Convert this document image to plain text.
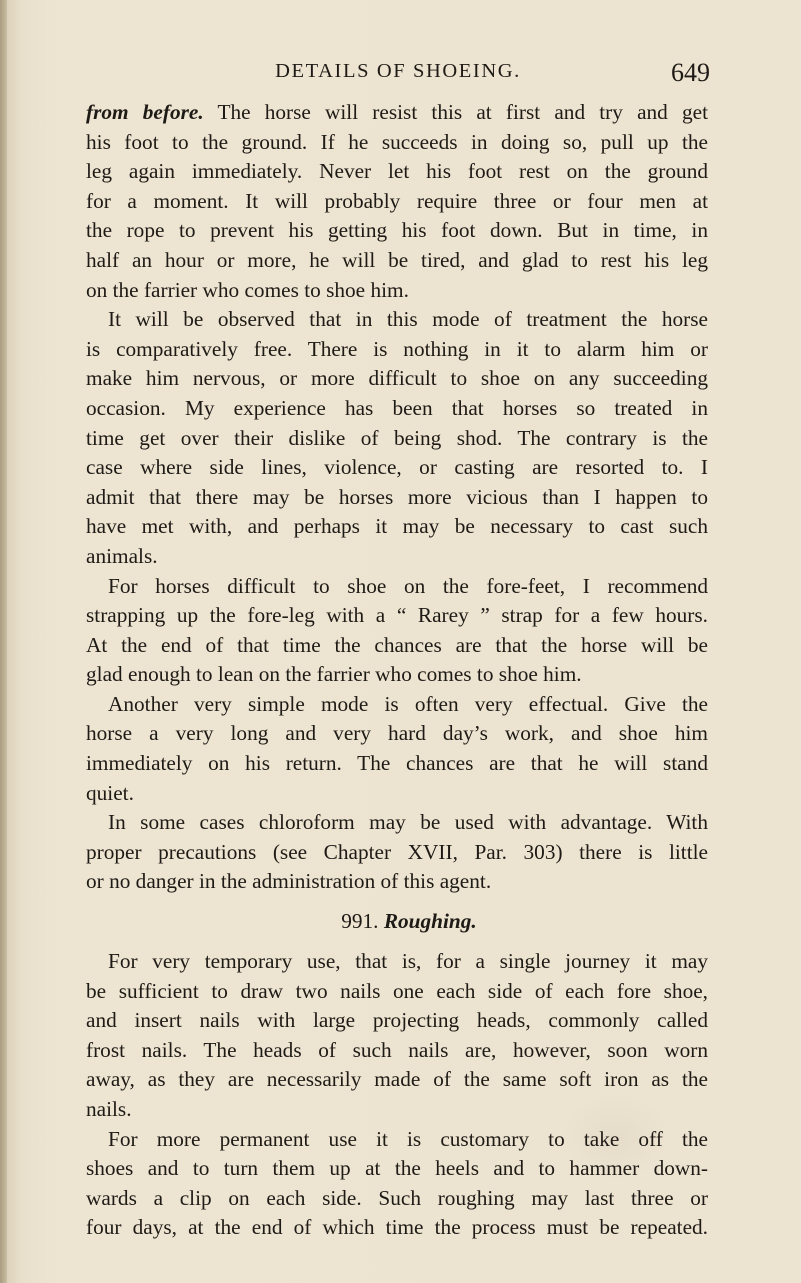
DETAILS OF SHOEING.	649
from before. The horse will resist this at first and try and get
his foot to the ground. If he succeeds in doing so, pull up the
leg again immediately. Never let his foot rest on the ground
for a moment. It will probably require three or four men at
the rope to prevent his getting his foot down. But in time, in
half an hour or more, he will be tired, and glad to rest his leg
on the farrier who comes to shoe him.
It will be observed that in this mode of treatment the horse
is comparatively free. There is nothing in it to alarm him or
make him nervous, or more difficult to shoe on any succeeding
occasion. My experience has been that horses so treated in
time get over their dislike of being shod. The contrary is the
case where side lines, violence, or casting are resorted to. I
admit that there may be horses more vicious than I happen to
have met with, and perhaps it may be necessary to cast such
animals.
For horses difficult to shoe on the fore-feet, I recommend
strapping up the fore-leg with a “ Rarey ” strap for a few hours.
At the end of that time the chances are that the horse will be
glad enough to lean on the farrier who comes to shoe him.
Another very simple mode is often very effectual. Give the
horse a very long and very hard day’s work, and shoe him
immediately on his return. The chances are that he will stand
quiet.
In some cases chloroform may be used with advantage. With
proper precautions (see Chapter XVII, Par. 303) there is little
or no danger in the administration of this agent.
991. Roughing.
For very temporary use, that is, for a single journey it may
be sufficient to draw two nails one each side of each fore shoe,
and insert nails with large projecting heads, commonly called
frost nails. The heads of such nails are, however, soon worn
away, as they are necessarily made of the same soft iron as the
nails.
For more permanent use it is customary to take off the
shoes and to turn them up at the heels and to hammer down-
wards a clip on each side. Such roughing may last three or
four days, at the end of which time the process must be repeated.
